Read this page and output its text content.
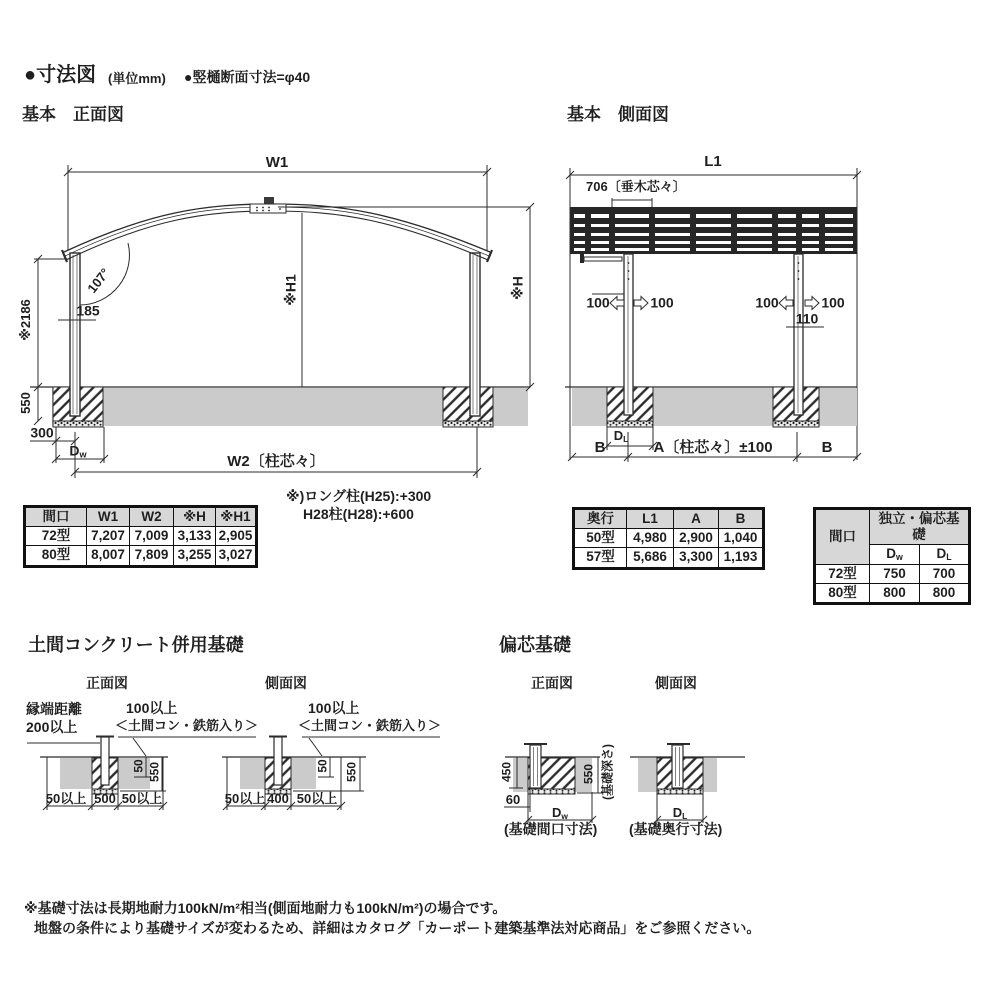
●寸法図 (単位mm) ●竪樋断面寸法=φ40
基本　正面図	基本　側面図
W1
※H
※H1
※2186
550
107°
185
300
Dw	W2〔柱芯々〕
※)ロング柱(H25):+300
H28柱(H28):+600
L1
706〔垂木芯々〕
100	100	100	100
110
DL
B	A〔柱芯々〕±100	B
間口	W1	W2	※H	※H1
72型	7,207	7,009	3,133	2,905
80型	8,007	7,809	3,255	3,027
奥行	L1	A	B
50型	4,980	2,900	1,040
57型	5,686	3,300	1,193
間口	独立・偏芯基礎	
	Dw	DL
72型	750	700
80型	800	800
土間コンクリート併用基礎
正面図	側面図
縁端距離
200以上
100以上
＜土間コン・鉄筋入り＞
100以上
＜土間コン・鉄筋入り＞
50 550	50 550
50以上 500 50以上	50以上 400 50以上
偏芯基礎
正面図	側面図
450	550 (基礎深さ)
60
Dw	DL
(基礎間口寸法) (基礎奥行寸法)
※基礎寸法は長期地耐力100kN/m²相当(側面地耐力も100kN/m²)の場合です。
地盤の条件により基礎サイズが変わるため、詳細はカタログ「カーポート建築基準法対応商品」をご参照ください。
